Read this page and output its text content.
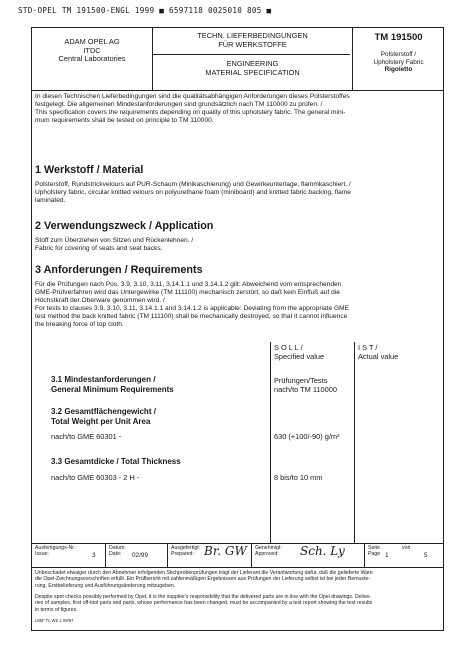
STD·OPEL TM 191500-ENGL 1999 ■ 6597118 0025010 805 ■
ADAM OPEL AG
ITDC
Central Laboratories
TECHN. LIEFERBEDINGUNGEN
FÜR WERKSTOFFE
ENGINEERING
MATERIAL SPECIFICATION
TM 191500
Polsterstoff /
Upholstery Fabric
Rigoletto
In diesen Technischen Lieferbedingungen sind die qualitätsabhängigen Anforderungen dieses Polsterstoffes
festgelegt. Die allgemeinen Mindestanforderungen sind grundsätzlich nach TM 110000 zu prüfen. /
This specification covers the requirements depending on quality of this upholstery fabric. The general mini-
mum requirements shall be tested on principle to TM 110000.
1 Werkstoff / Material
Polsterstoff, Rundstrickvelours auf PUR-Schaum (Minikaschierung) und Gewirkeunterlage, flammkaschiert. /
Upholstery fabric, circular knitted velours on polyurethane foam (miniboard) and knitted fabric backing, flame
laminated.
2 Verwendungszweck / Application
Stoff zum Überziehen von Sitzen und Rückenlehnen. /
Fabric for covering of seats and seat backs.
3 Anforderungen / Requirements
Für die Prüfungen nach Pos. 3.9, 3.10, 3.11, 3.14.1.1 und 3.14.1.2 gilt: Abweichend vom entsprechenden
GME-Prüfverfahren wird das Untergewirke (TM 111100) mechanisch zerstört, so daß kein Einfluß auf die
Höchstkraft der Oberware genommen wird. /
For tests to clauses 3.9, 3.10, 3.11, 3.14.1.1 and 3.14.1.2 is applicable: Deviating from the appropriate GME
test method the back knitted fabric (TM 111100) shall be mechanically destroyed, so that it cannot influence
the breaking force of top cloth.
S O L L /
Specified value
I S T /
Actual value
3.1 Mindestanforderungen /
General Minimum Requirements
Prüfungen/Tests
nach/to TM 110000
3.2 Gesamtflächengewicht /
Total Weight per Unit Area
nach/to GME 60301 -	630 (+100/-90) g/m²
3.3 Gesamtdicke / Total Thickness
nach/to GME 60303 - 2 H -	8 bis/to 10 mm
Ausfertigungs-Nr.:
Issue:	3
Datum:
Date:	02/99
Ausgefertigt:
Prepared: Br. GW Genehmigt:
Approved: Sch. Ly	Seite
Page 1
von
5
Unbeschadet etwaiger durch den Abnehmer erfolgenden Stichprobenprüfungen trägt der Lieferant die Verantwortung dafür, daß die gelieferte Ware
die Opel-Zeichnungsvorschriften erfüllt. Ein Prüfbericht mit zahlenmäßigen Ergebnissen aus Prüfungen der Lieferung selbst ist bei jeder Bemuste-
rung, Erstbelieferung und Ausführungsänderung mitzugeben.
Despite spot checks possibly performed by Opel, it is the supplier's responsibility that the delivered parts are in line with the Opel drawings. Delive-
ries of samples, first off-tool parts and parts, whose performance has been changed, must be accompanied by a test report showing the test results
in terms of figures.
L65F TL WS 1 09/97
